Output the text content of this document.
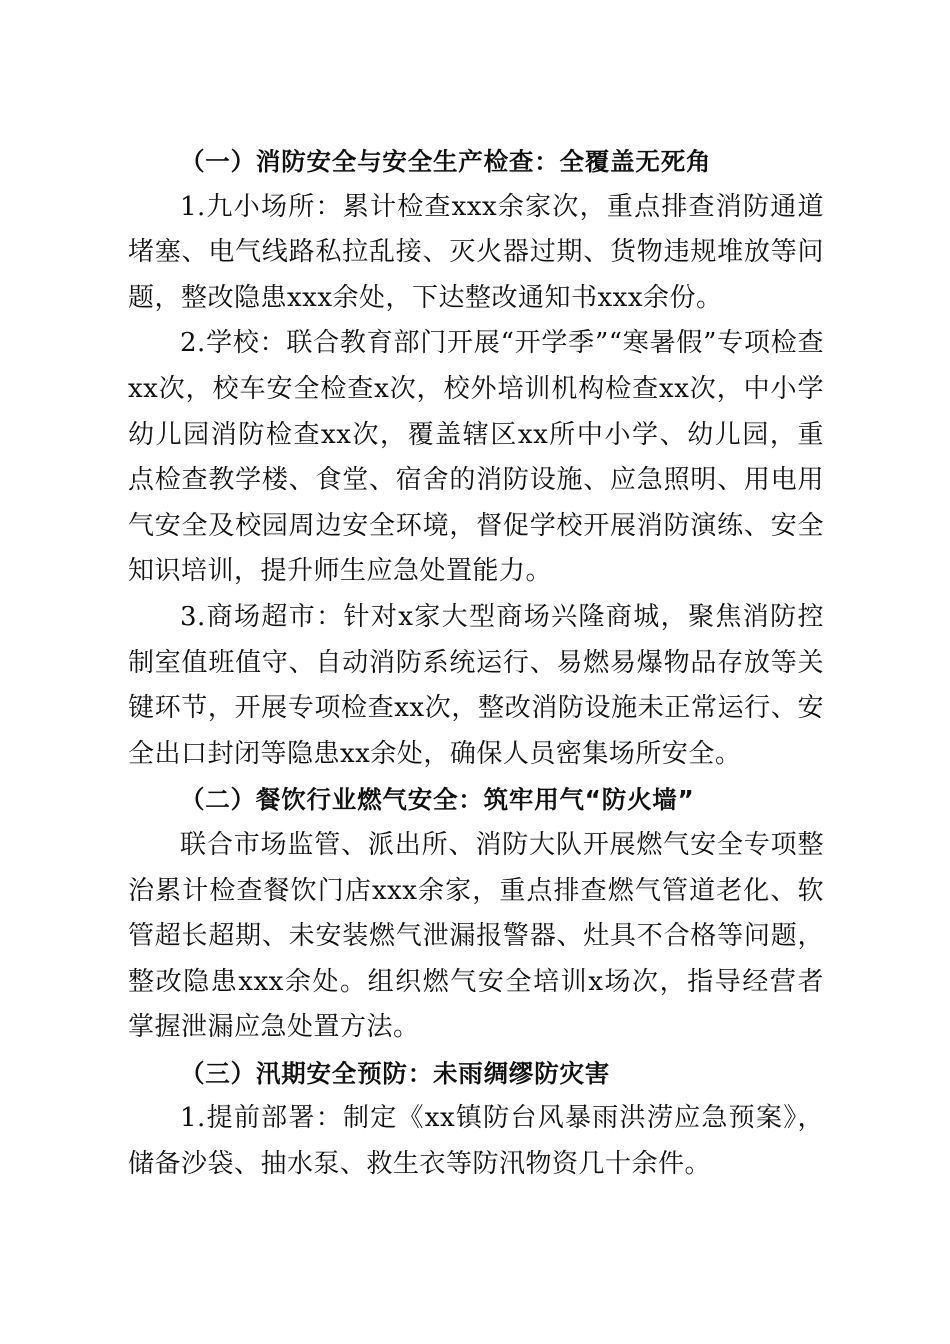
（一）消防安全与安全生产检查：全覆盖无死角

1.九小场所：累计检查xxx余家次，重点排查消防通道堵塞、电气线路私拉乱接、灭火器过期、货物违规堆放等问题，整改隐患xxx余处，下达整改通知书xxx余份。

2.学校：联合教育部门开展“开学季”“寒暑假”专项检查xx次，校车安全检查x次，校外培训机构检查xx次，中小学幼儿园消防检查xx次，覆盖辖区xx所中小学、幼儿园，重点检查教学楼、食堂、宿舍的消防设施、应急照明、用电用气安全及校园周边安全环境，督促学校开展消防演练、安全知识培训，提升师生应急处置能力。

3.商场超市：针对x家大型商场兴隆商城，聚焦消防控制室值班值守、自动消防系统运行、易燃易爆物品存放等关键环节，开展专项检查xx次，整改消防设施未正常运行、安全出口封闭等隐患xx余处，确保人员密集场所安全。

（二）餐饮行业燃气安全：筑牢用气“防火墙”

联合市场监管、派出所、消防大队开展燃气安全专项整治累计检查餐饮门店xxx余家，重点排查燃气管道老化、软管超长超期、未安装燃气泄漏报警器、灶具不合格等问题，整改隐患xxx余处。组织燃气安全培训x场次，指导经营者掌握泄漏应急处置方法。

（三）汛期安全预防：未雨绸缪防灾害

1.提前部署：制定《xx镇防台风暴雨洪涝应急预案》，储备沙袋、抽水泵、救生衣等防汛物资几十余件。
